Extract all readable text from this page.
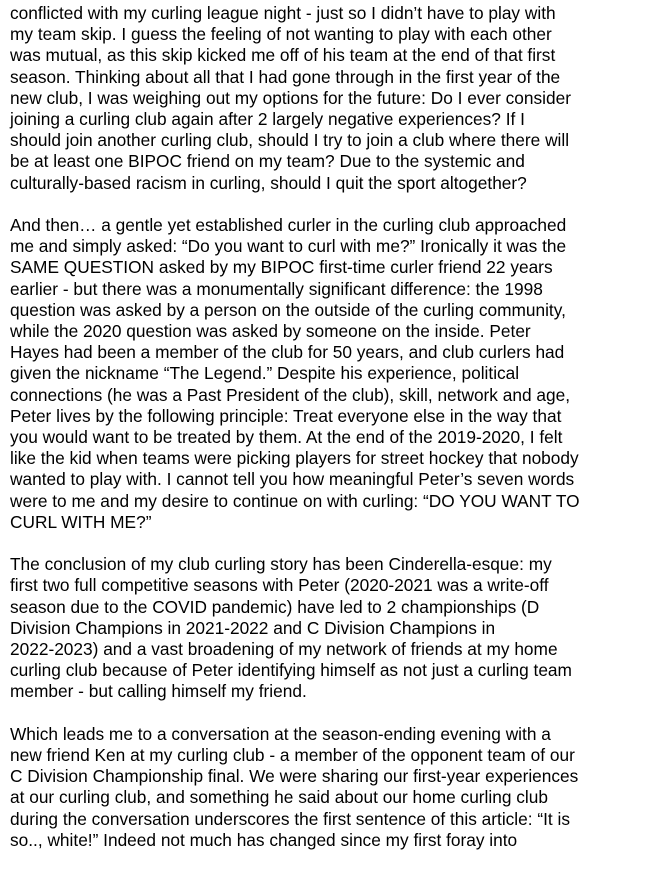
conflicted with my curling league night - just so I didn’t have to play with
my team skip. I guess the feeling of not wanting to play with each other
was mutual, as this skip kicked me off of his team at the end of that first
season. Thinking about all that I had gone through in the first year of the
new club, I was weighing out my options for the future: Do I ever consider
joining a curling club again after 2 largely negative experiences? If I
should join another curling club, should I try to join a club where there will
be at least one BIPOC friend on my team? Due to the systemic and
culturally-based racism in curling, should I quit the sport altogether?

And then… a gentle yet established curler in the curling club approached
me and simply asked: “Do you want to curl with me?” Ironically it was the
SAME QUESTION asked by my BIPOC first-time curler friend 22 years
earlier - but there was a monumentally significant difference: the 1998
question was asked by a person on the outside of the curling community,
while the 2020 question was asked by someone on the inside. Peter
Hayes had been a member of the club for 50 years, and club curlers had
given the nickname “The Legend.” Despite his experience, political
connections (he was a Past President of the club), skill, network and age,
Peter lives by the following principle: Treat everyone else in the way that
you would want to be treated by them. At the end of the 2019-2020, I felt
like the kid when teams were picking players for street hockey that nobody
wanted to play with. I cannot tell you how meaningful Peter’s seven words
were to me and my desire to continue on with curling: “DO YOU WANT TO
CURL WITH ME?”

The conclusion of my club curling story has been Cinderella-esque: my
first two full competitive seasons with Peter (2020-2021 was a write-off
season due to the COVID pandemic) have led to 2 championships (D
Division Champions in 2021-2022 and C Division Champions in
2022-2023) and a vast broadening of my network of friends at my home
curling club because of Peter identifying himself as not just a curling team
member - but calling himself my friend.

Which leads me to a conversation at the season-ending evening with a
new friend Ken at my curling club - a member of the opponent team of our
C Division Championship final. We were sharing our first-year experiences
at our curling club, and something he said about our home curling club
during the conversation underscores the first sentence of this article: “It is
so.., white!” Indeed not much has changed since my first foray into
